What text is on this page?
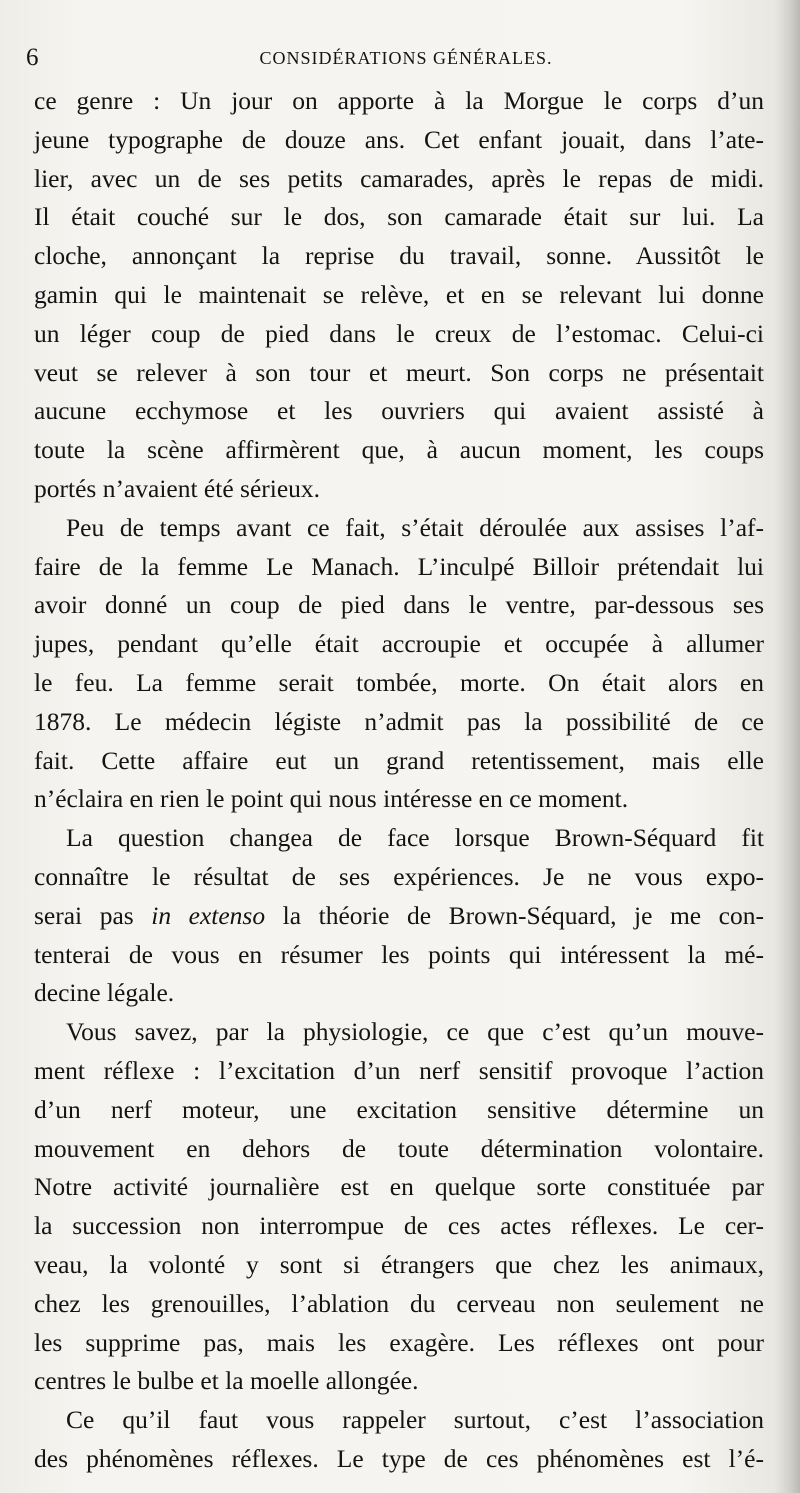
6	CONSIDÉRATIONS GÉNÉRALES.
ce genre : Un jour on apporte à la Morgue le corps d’un
jeune typographe de douze ans. Cet enfant jouait, dans l’ate-
lier, avec un de ses petits camarades, après le repas de midi.
Il était couché sur le dos, son camarade était sur lui. La
cloche, annonçant la reprise du travail, sonne. Aussitôt le
gamin qui le maintenait se relève, et en se relevant lui donne
un léger coup de pied dans le creux de l’estomac. Celui-ci
veut se relever à son tour et meurt. Son corps ne présentait
aucune ecchymose et les ouvriers qui avaient assisté à
toute la scène affirmèrent que, à aucun moment, les coups
portés n’avaient été sérieux.
Peu de temps avant ce fait, s’était déroulée aux assises l’af-
faire de la femme Le Manach. L’inculpé Billoir prétendait lui
avoir donné un coup de pied dans le ventre, par-dessous ses
jupes, pendant qu’elle était accroupie et occupée à allumer
le feu. La femme serait tombée, morte. On était alors en
1878. Le médecin légiste n’admit pas la possibilité de ce
fait. Cette affaire eut un grand retentissement, mais elle
n’éclaira en rien le point qui nous intéresse en ce moment.
La question changea de face lorsque Brown-Séquard fit
connaître le résultat de ses expériences. Je ne vous expo-
serai pas in extenso la théorie de Brown-Séquard, je me con-
tenterai de vous en résumer les points qui intéressent la mé-
decine légale.
Vous savez, par la physiologie, ce que c’est qu’un mouve-
ment réflexe : l’excitation d’un nerf sensitif provoque l’action
d’un nerf moteur, une excitation sensitive détermine un
mouvement en dehors de toute détermination volontaire.
Notre activité journalière est en quelque sorte constituée par
la succession non interrompue de ces actes réflexes. Le cer-
veau, la volonté y sont si étrangers que chez les animaux,
chez les grenouilles, l’ablation du cerveau non seulement ne
les supprime pas, mais les exagère. Les réflexes ont pour
centres le bulbe et la moelle allongée.
Ce qu’il faut vous rappeler surtout, c’est l’association
des phénomènes réflexes. Le type de ces phénomènes est l’é-
